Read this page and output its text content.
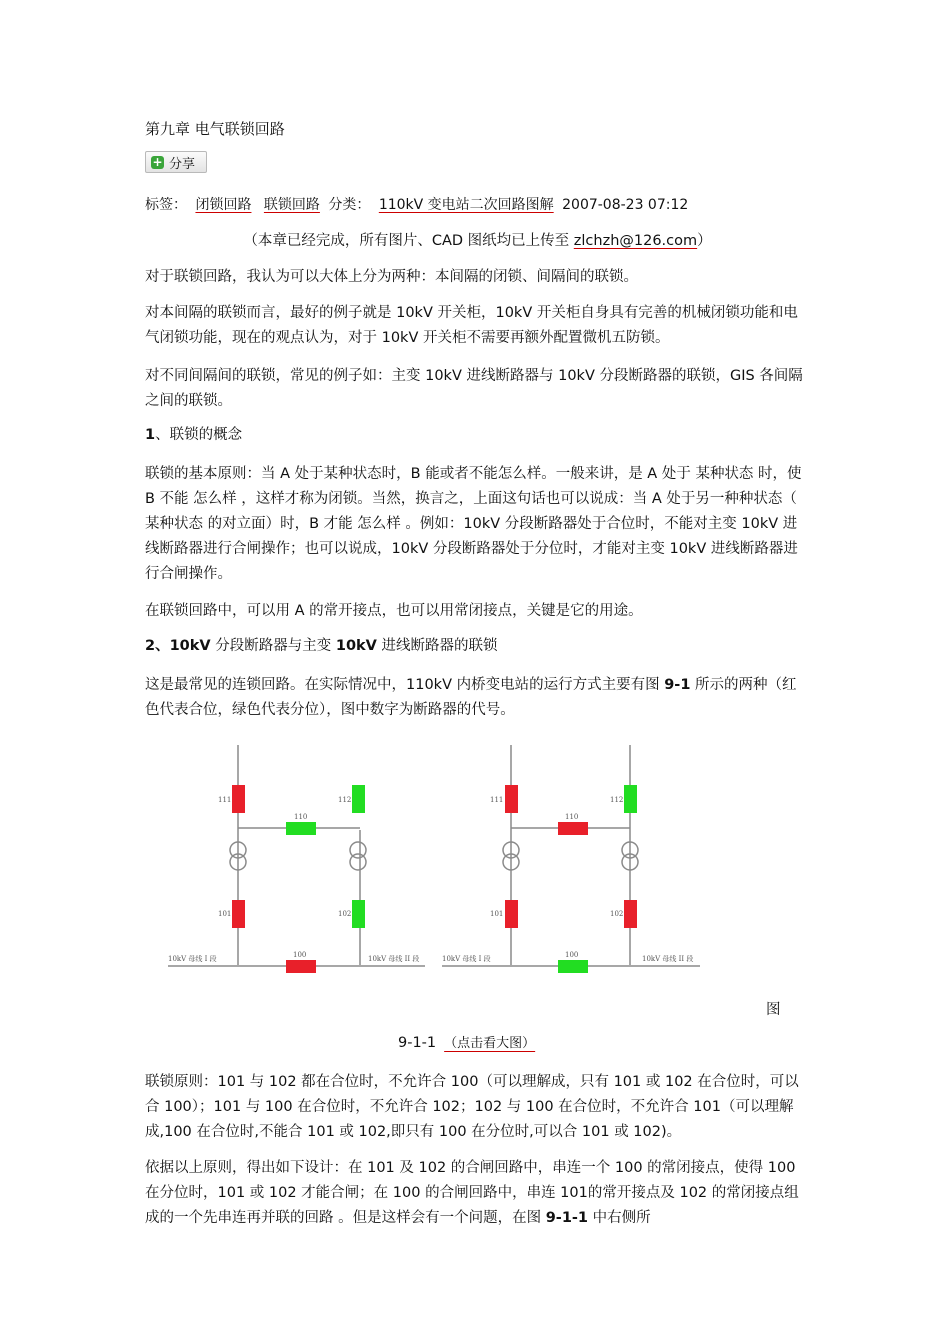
第九章 电气联锁回路
+ 分享
标签： 闭锁回路 联锁回路 分类： 110kV 变电站二次回路图解 2007-08-23 07:12
（本章已经完成，所有图片、CAD 图纸均已上传至 zlchzh@126.com）

对于联锁回路，我认为可以大体上分为两种：本间隔的闭锁、间隔间的联锁。

对本间隔的联锁而言，最好的例子就是 10kV 开关柜，10kV 开关柜自身具有完善的机械闭锁功能和电气闭锁功能，现在的观点认为，对于 10kV 开关柜不需要再额外配置微机五防锁。

对不同间隔间的联锁，常见的例子如：主变 10kV 进线断路器与 10kV 分段断路器的联锁，GIS 各间隔之间的联锁。

1、联锁的概念

联锁的基本原则：当 A 处于某种状态时，B 能或者不能怎么样。一般来讲，是 A 处于 某种状态 时，使 B 不能 怎么样 ，这样才称为闭锁。当然，换言之，上面这句话也可以说成：当 A 处于另一种种状态（ 某种状态 的对立面）时，B 才能 怎么样 。例如：10kV 分段断路器处于合位时，不能对主变 10kV 进线断路器进行合闸操作；也可以说成，10kV 分段断路器处于分位时，才能对主变 10kV 进线断路器进行合闸操作。

在联锁回路中，可以用 A 的常开接点，也可以用常闭接点，关键是它的用途。

2、10kV 分段断路器与主变 10kV 进线断路器的联锁

这是最常见的连锁回路。在实际情况中，110kV 内桥变电站的运行方式主要有图 9-1 所示的两种（红色代表合位，绿色代表分位），图中数字为断路器的代号。

联锁原则：101 与 102 都在合位时，不允许合 100（可以理解成，只有 101 或 102 在合位时，可以合 100）；101 与 100 在合位时，不允许合 102；102 与 100 在合位时，不允许合 101（可以理解成,100 在合位时,不能合 101 或 102,即只有 100 在分位时,可以合 101 或 102)。

依据以上原则，得出如下设计：在 101 及 102 的合闸回路中，串连一个 100 的常闭接点，使得 100 在分位时，101 或 102 才能合闸；在 100 的合闸回路中，串连 101的常开接点及 102 的常闭接点组成的一个先串连再并联的回路 。但是这样会有一个问题，在图 9-1-1 中右侧所

111	112
110
101	102
100
10kV 母线 I 段	10kV 母线 II 段
111	112
110
101	102
100
10kV 母线 I 段	10kV 母线 II 段
图
9-1-1 （点击看大图）
